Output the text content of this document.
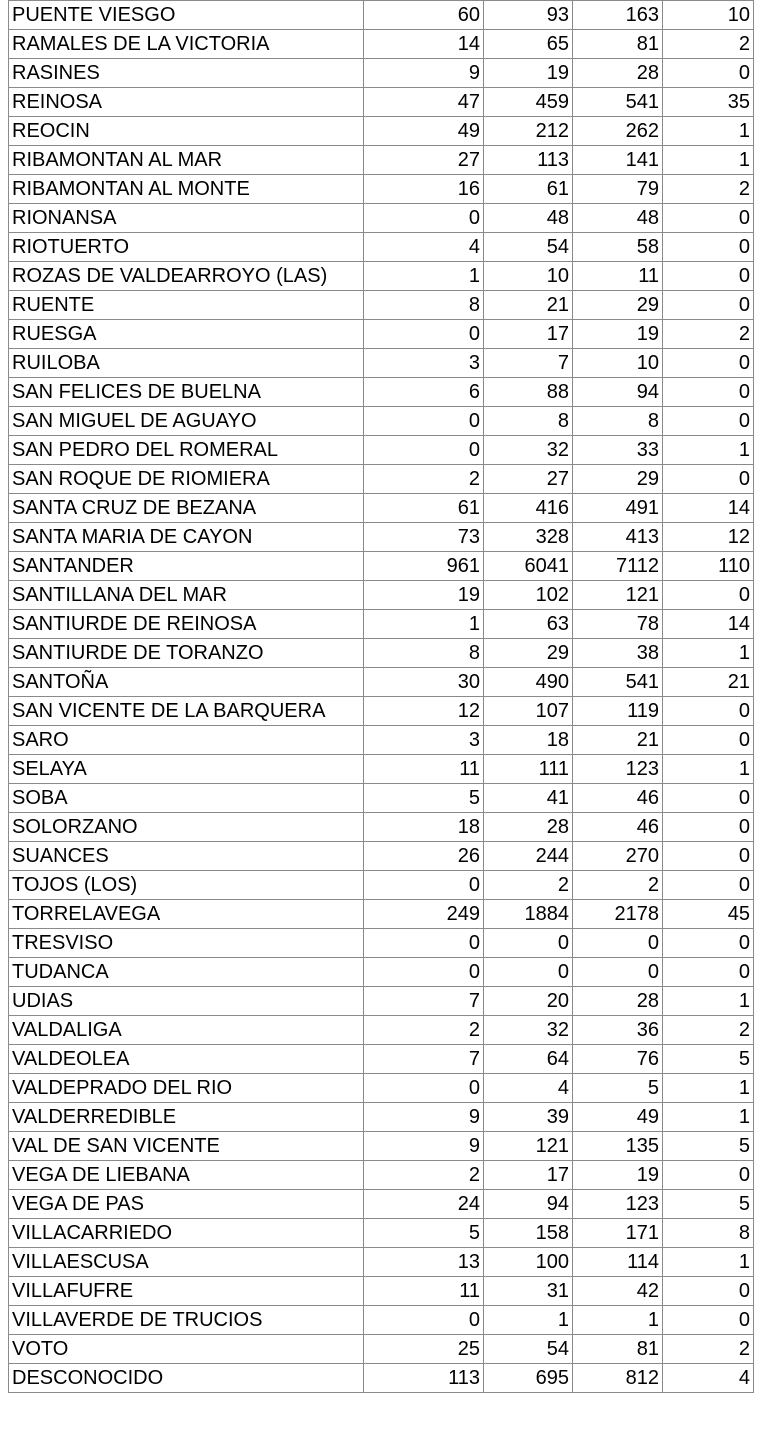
PUENTE VIESGO	60	93	163	10
RAMALES DE LA VICTORIA	14	65	81	2
RASINES	9	19	28	0
REINOSA	47	459	541	35
REOCIN	49	212	262	1
RIBAMONTAN AL MAR	27	113	141	1
RIBAMONTAN AL MONTE	16	61	79	2
RIONANSA	0	48	48	0
RIOTUERTO	4	54	58	0
ROZAS DE VALDEARROYO (LAS)	1	10	11	0
RUENTE	8	21	29	0
RUESGA	0	17	19	2
RUILOBA	3	7	10	0
SAN FELICES DE BUELNA	6	88	94	0
SAN MIGUEL DE AGUAYO	0	8	8	0
SAN PEDRO DEL ROMERAL	0	32	33	1
SAN ROQUE DE RIOMIERA	2	27	29	0
SANTA CRUZ DE BEZANA	61	416	491	14
SANTA MARIA DE CAYON	73	328	413	12
SANTANDER	961	6041	7112	110
SANTILLANA DEL MAR	19	102	121	0
SANTIURDE DE REINOSA	1	63	78	14
SANTIURDE DE TORANZO	8	29	38	1
SANTOÑA	30	490	541	21
SAN VICENTE DE LA BARQUERA	12	107	119	0
SARO	3	18	21	0
SELAYA	11	111	123	1
SOBA	5	41	46	0
SOLORZANO	18	28	46	0
SUANCES	26	244	270	0
TOJOS (LOS)	0	2	2	0
TORRELAVEGA	249	1884	2178	45
TRESVISO	0	0	0	0
TUDANCA	0	0	0	0
UDIAS	7	20	28	1
VALDALIGA	2	32	36	2
VALDEOLEA	7	64	76	5
VALDEPRADO DEL RIO	0	4	5	1
VALDERREDIBLE	9	39	49	1
VAL DE SAN VICENTE	9	121	135	5
VEGA DE LIEBANA	2	17	19	0
VEGA DE PAS	24	94	123	5
VILLACARRIEDO	5	158	171	8
VILLAESCUSA	13	100	114	1
VILLAFUFRE	11	31	42	0
VILLAVERDE DE TRUCIOS	0	1	1	0
VOTO	25	54	81	2
DESCONOCIDO	113	695	812	4
